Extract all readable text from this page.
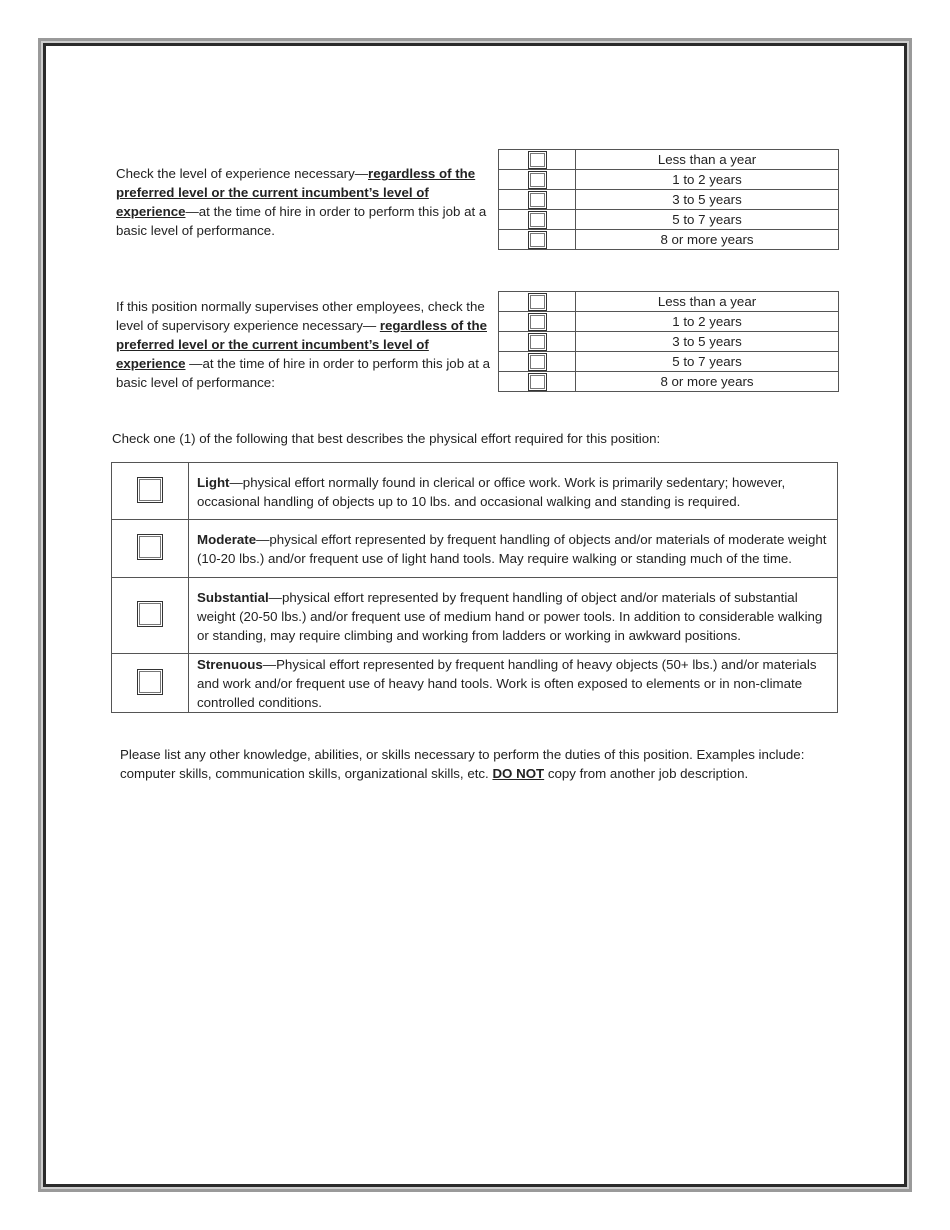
Check the level of experience necessary—regardless of the preferred level or the current incumbent’s level of experience—at the time of hire in order to perform this job at a basic level of performance.
	Less than a year
	1 to 2 years
	3 to 5 years
	5 to 7 years
	8 or more years
If this position normally supervises other employees, check the level of supervisory experience necessary— regardless of the preferred level or the current incumbent’s level of experience —at the time of hire in order to perform this job at a basic level of performance:
	Less than a year
	1 to 2 years
	3 to 5 years
	5 to 7 years
	8 or more years
Check one (1) of the following that best describes the physical effort required for this position:
	Light—physical effort normally found in clerical or office work. Work is primarily sedentary; however, occasional handling of objects up to 10 lbs. and occasional walking and standing is required.
	Moderate—physical effort represented by frequent handling of objects and/or materials of moderate weight (10-20 lbs.) and/or frequent use of light hand tools. May require walking or standing much of the time.
	Substantial—physical effort represented by frequent handling of object and/or materials of substantial weight (20-50 lbs.) and/or frequent use of medium hand or power tools. In addition to considerable walking or standing, may require climbing and working from ladders or working in awkward positions.
	Strenuous—Physical effort represented by frequent handling of heavy objects (50+ lbs.) and/or materials and work and/or frequent use of heavy hand tools. Work is often exposed to elements or in non-climate controlled conditions.
Please list any other knowledge, abilities, or skills necessary to perform the duties of this position. Examples include: computer skills, communication skills, organizational skills, etc. DO NOT copy from another job description.
